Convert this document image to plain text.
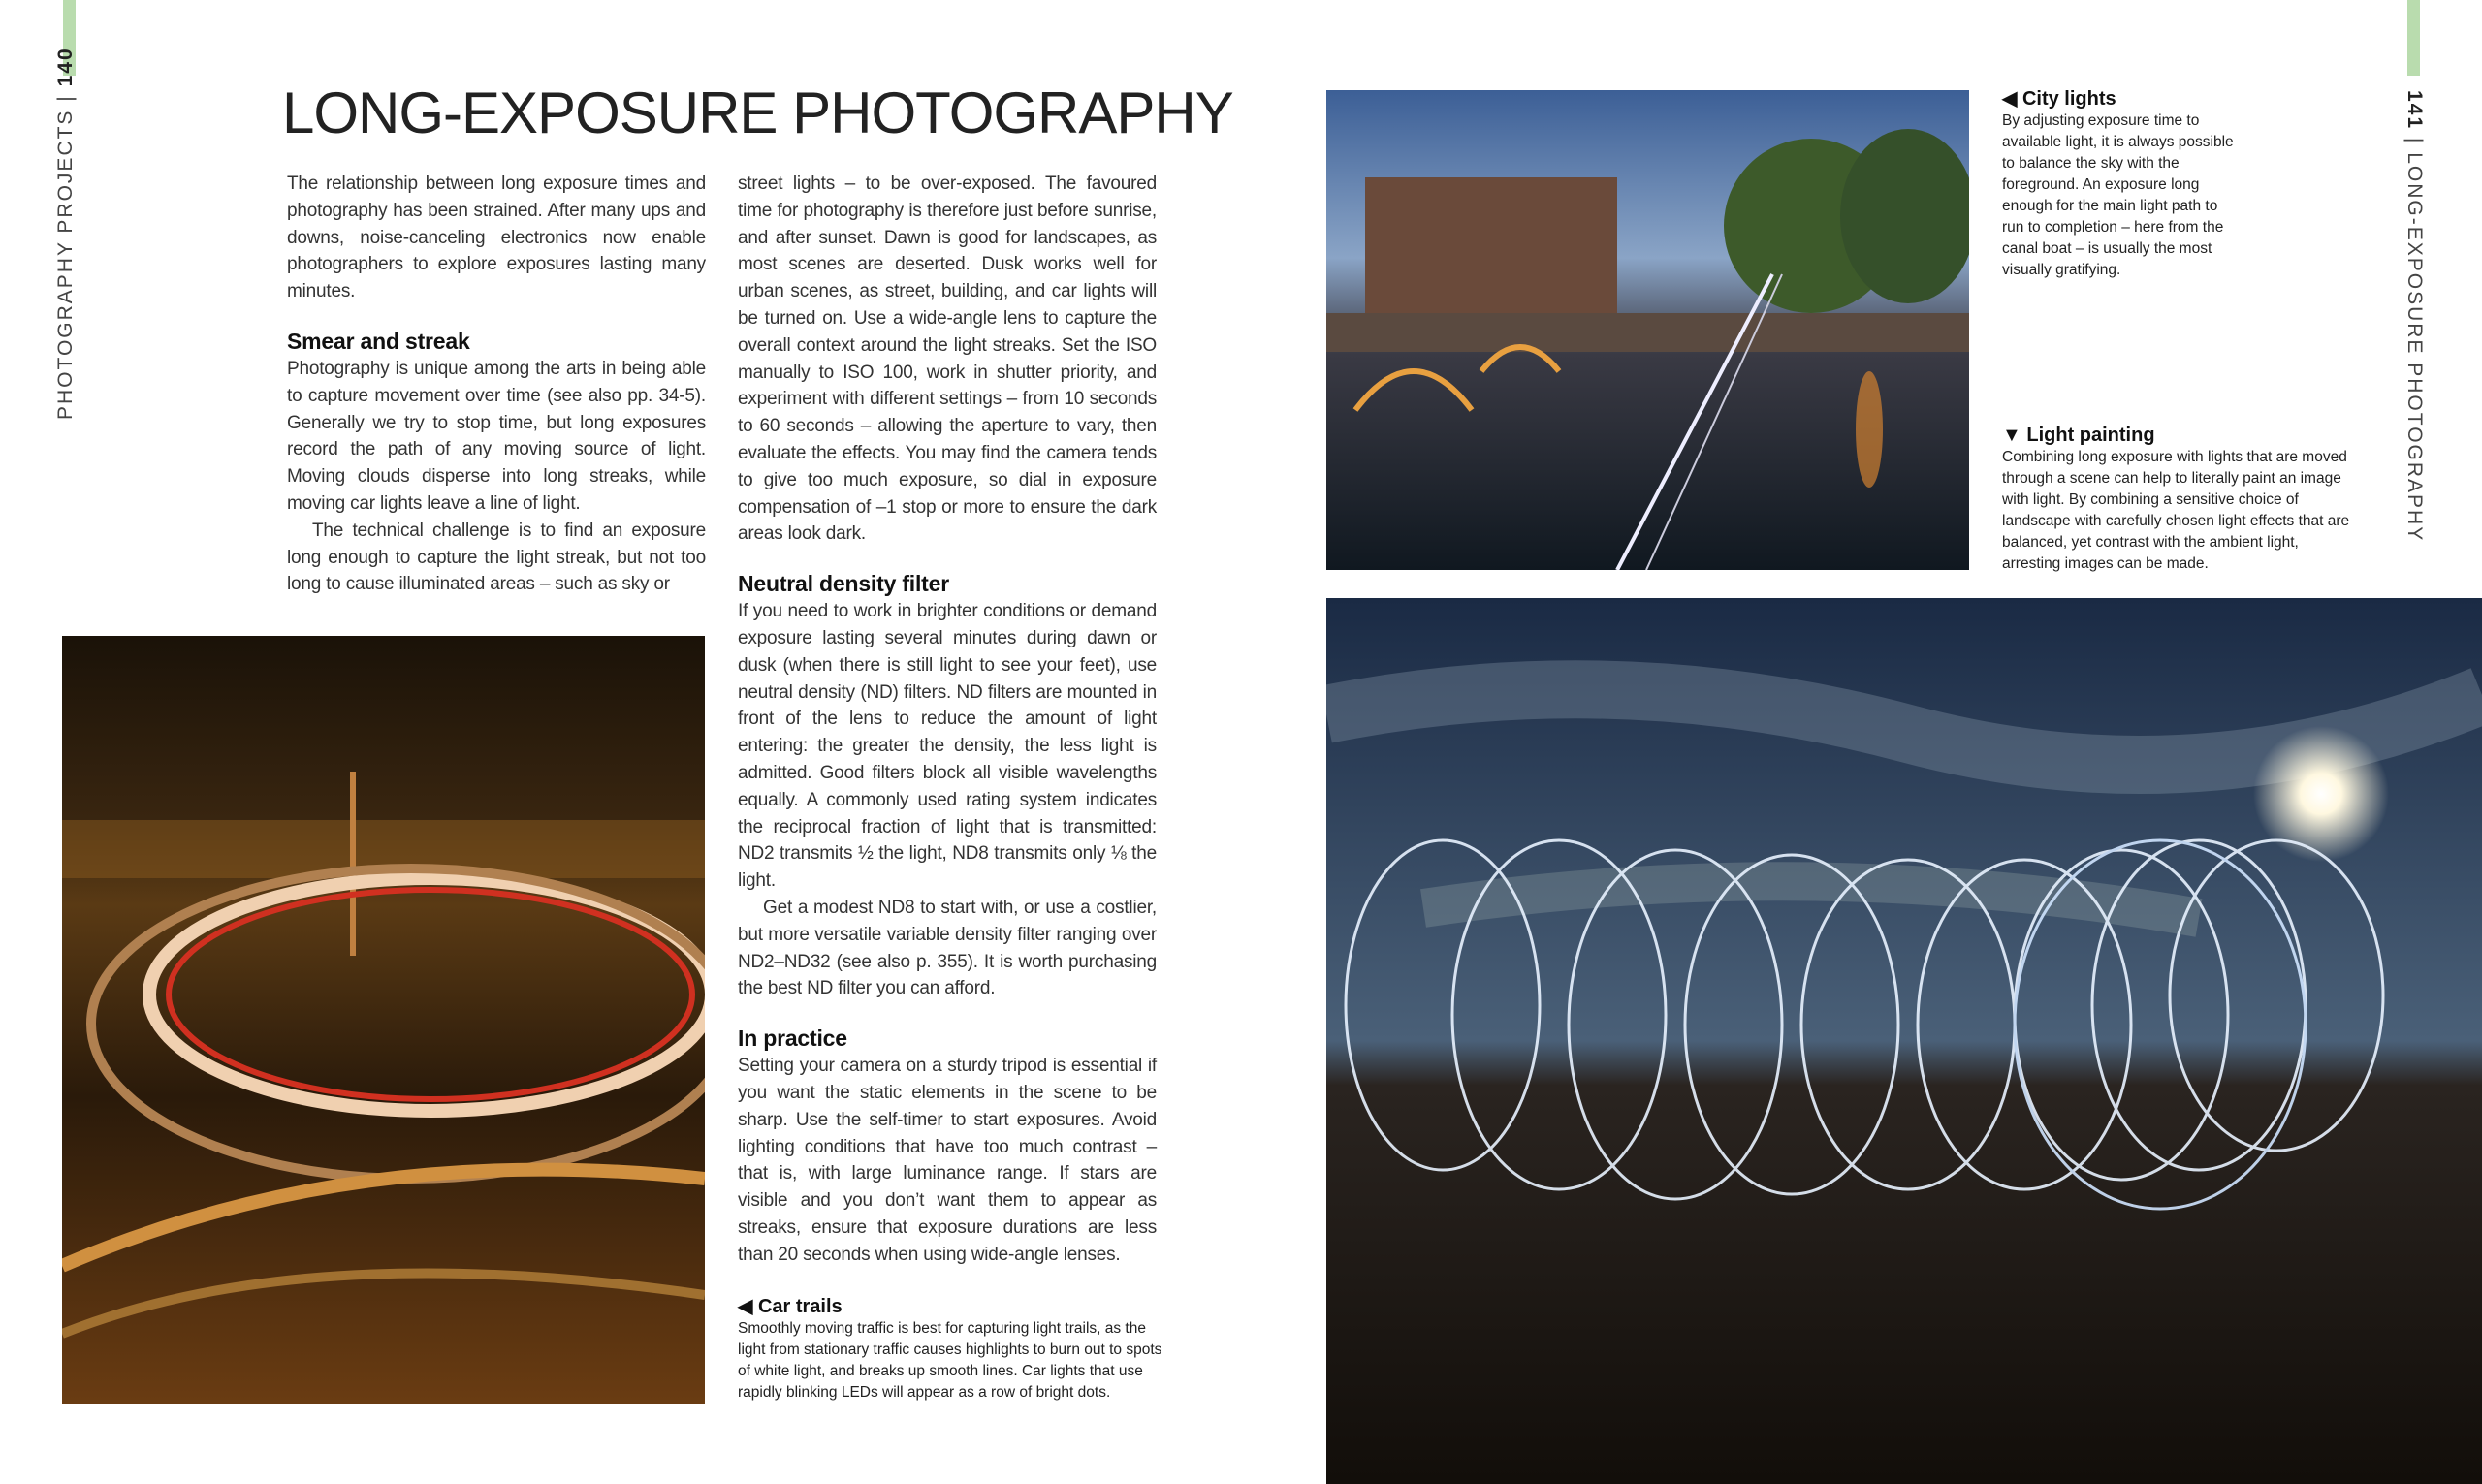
PHOTOGRAPHY PROJECTS | 140
LONG-EXPOSURE PHOTOGRAPHY

The relationship between long exposure times and photography has been strained. After many ups and downs, noise-canceling electronics now enable photographers to explore exposures lasting many minutes.

Smear and streak

Photography is unique among the arts in being able to capture movement over time (see also pp. 34-5). Generally we try to stop time, but long exposures record the path of any moving source of light. Moving clouds disperse into long streaks, while moving car lights leave a line of light.

The technical challenge is to find an exposure long enough to capture the light streak, but not too long to cause illuminated areas – such as sky or

street lights – to be over-exposed. The favoured time for photography is therefore just before sunrise, and after sunset. Dawn is good for landscapes, as most scenes are deserted. Dusk works well for urban scenes, as street, building, and car lights will be turned on. Use a wide-angle lens to capture the overall context around the light streaks. Set the ISO manually to ISO 100, work in shutter priority, and experiment with different settings – from 10 seconds to 60 seconds – allowing the aperture to vary, then evaluate the effects. You may find the camera tends to give too much exposure, so dial in exposure compensation of –1 stop or more to ensure the dark areas look dark.

Neutral density filter

If you need to work in brighter conditions or demand exposure lasting several minutes during dawn or dusk (when there is still light to see your feet), use neutral density (ND) filters. ND filters are mounted in front of the lens to reduce the amount of light entering: the greater the density, the less light is admitted. Good filters block all visible wavelengths equally. A commonly used rating system indicates the reciprocal fraction of light that is transmitted: ND2 transmits ½ the light, ND8 transmits only ⅛ the light.

Get a modest ND8 to start with, or use a costlier, but more versatile variable density filter ranging over ND2–ND32 (see also p. 355). It is worth purchasing the best ND filter you can afford.

In practice

Setting your camera on a sturdy tripod is essential if you want the static elements in the scene to be sharp. Use the self-timer to start exposures. Avoid lighting conditions that have too much contrast – that is, with large luminance range. If stars are visible and you don’t want them to appear as streaks, ensure that exposure durations are less than 20 seconds when using wide-angle lenses.

◀ Car trails

Smoothly moving traffic is best for capturing light trails, as the light from stationary traffic causes highlights to burn out to spots of white light, and breaks up smooth lines. Car lights that use rapidly blinking LEDs will appear as a row of bright dots.

◀ City lights

By adjusting exposure time to available light, it is always possible to balance the sky with the foreground. An exposure long enough for the main light path to run to completion – here from the canal boat – is usually the most visually gratifying.

▼ Light painting

Combining long exposure with lights that are moved through a scene can help to literally paint an image with light. By combining a sensitive choice of landscape with carefully chosen light effects that are balanced, yet contrast with the ambient light, arresting images can be made.

141 | LONG-EXPOSURE PHOTOGRAPHY
